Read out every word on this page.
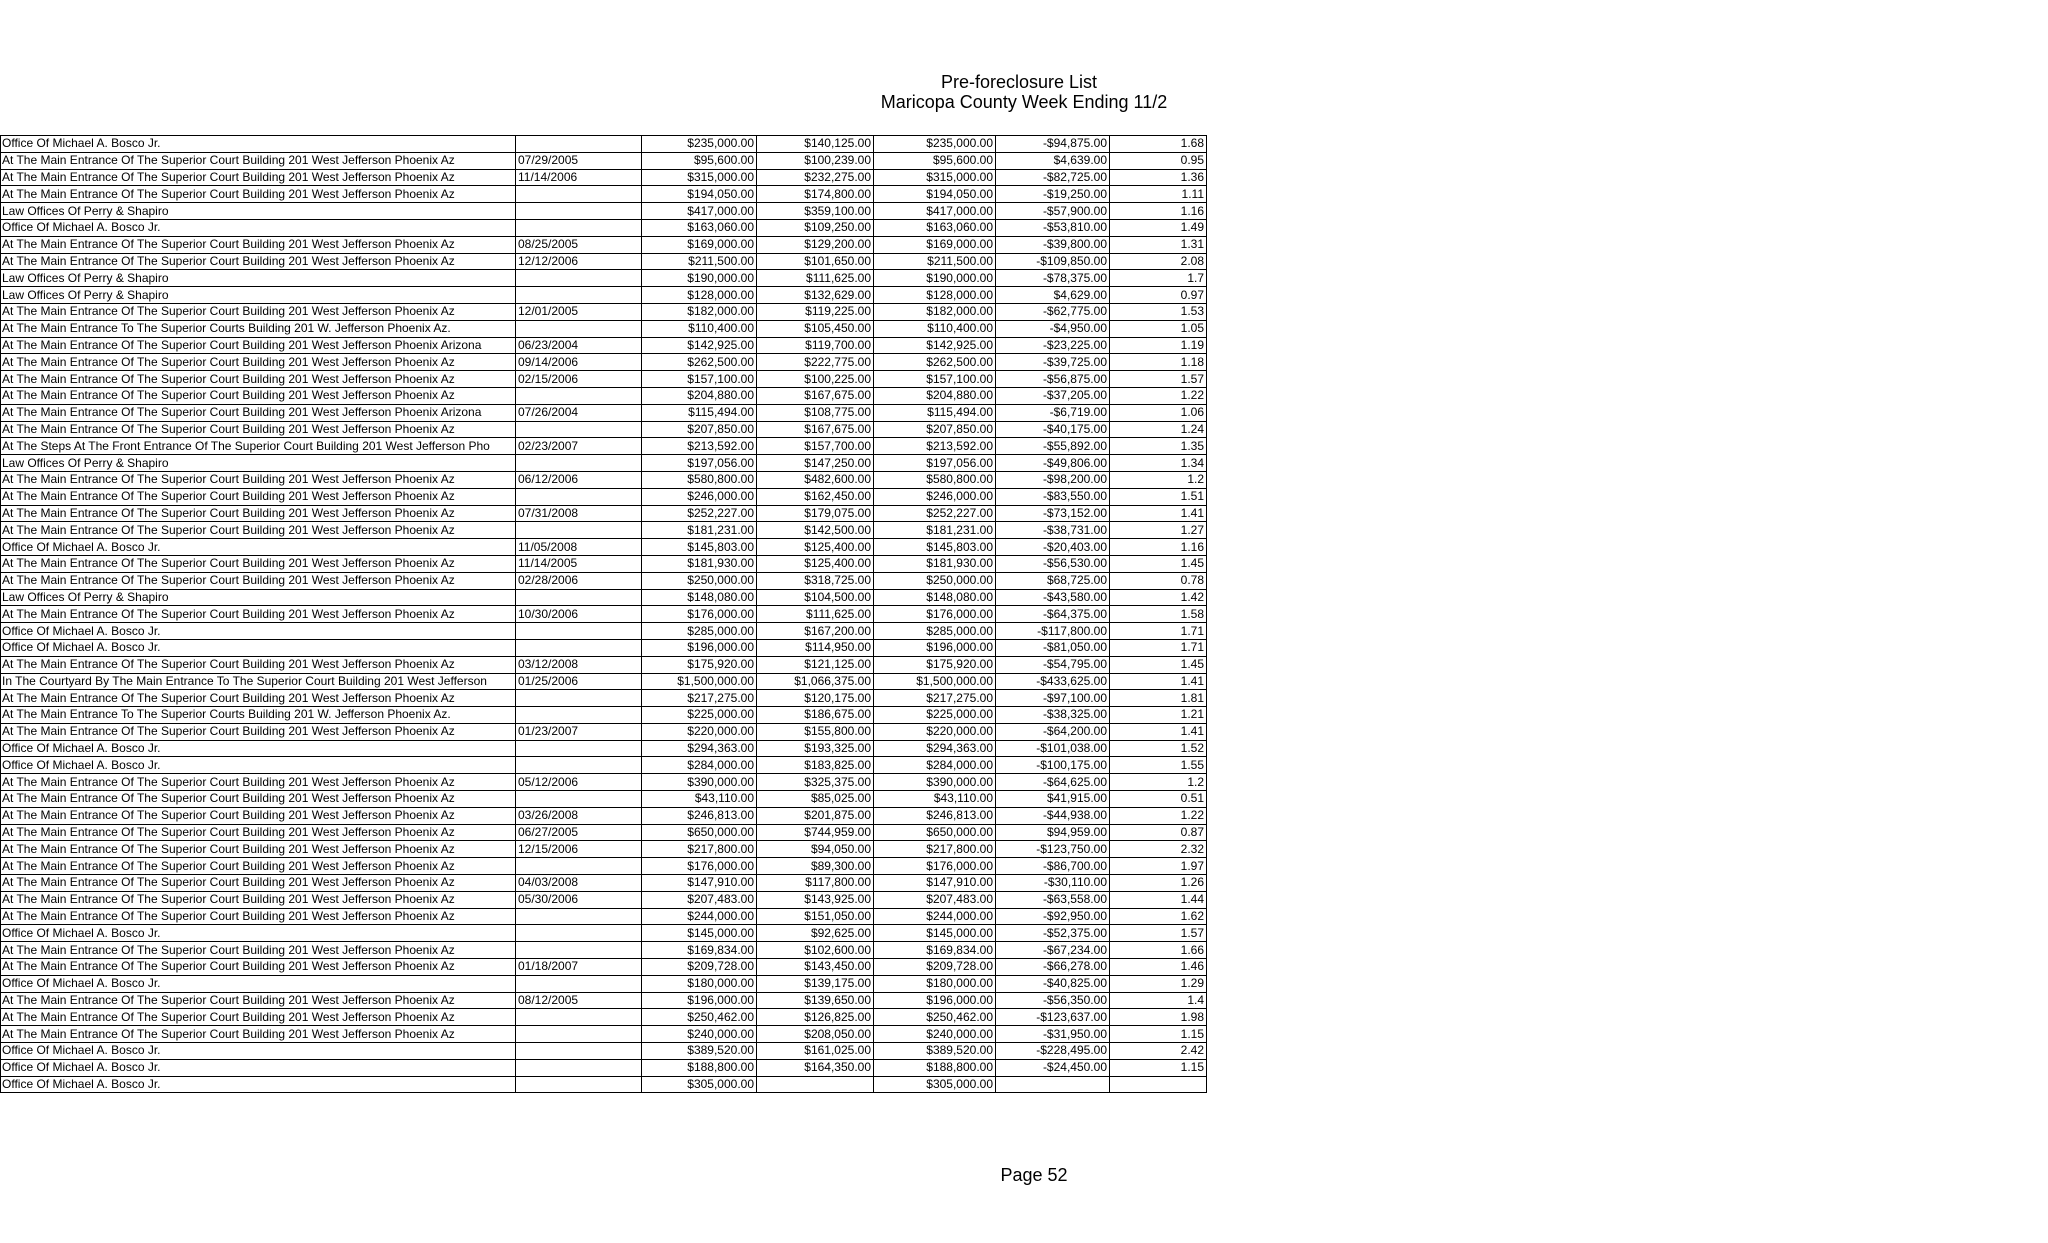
Pre-foreclosure List
Maricopa County Week Ending 11/2
Office Of Michael A. Bosco Jr.		$235,000.00	$140,125.00	$235,000.00	-$94,875.00	1.68
At The Main Entrance Of The Superior Court Building 201 West Jefferson Phoenix Az	07/29/2005	$95,600.00	$100,239.00	$95,600.00	$4,639.00	0.95
At The Main Entrance Of The Superior Court Building 201 West Jefferson Phoenix Az	11/14/2006	$315,000.00	$232,275.00	$315,000.00	-$82,725.00	1.36
At The Main Entrance Of The Superior Court Building 201 West Jefferson Phoenix Az		$194,050.00	$174,800.00	$194,050.00	-$19,250.00	1.11
Law Offices Of Perry & Shapiro		$417,000.00	$359,100.00	$417,000.00	-$57,900.00	1.16
Office Of Michael A. Bosco Jr.		$163,060.00	$109,250.00	$163,060.00	-$53,810.00	1.49
At The Main Entrance Of The Superior Court Building 201 West Jefferson Phoenix Az	08/25/2005	$169,000.00	$129,200.00	$169,000.00	-$39,800.00	1.31
At The Main Entrance Of The Superior Court Building 201 West Jefferson Phoenix Az	12/12/2006	$211,500.00	$101,650.00	$211,500.00	-$109,850.00	2.08
Law Offices Of Perry & Shapiro		$190,000.00	$111,625.00	$190,000.00	-$78,375.00	1.7
Law Offices Of Perry & Shapiro		$128,000.00	$132,629.00	$128,000.00	$4,629.00	0.97
At The Main Entrance Of The Superior Court Building 201 West Jefferson Phoenix Az	12/01/2005	$182,000.00	$119,225.00	$182,000.00	-$62,775.00	1.53
At The Main Entrance To The Superior Courts Building 201 W. Jefferson Phoenix Az.		$110,400.00	$105,450.00	$110,400.00	-$4,950.00	1.05
At The Main Entrance Of The Superior Court Building 201 West Jefferson Phoenix Arizona	06/23/2004	$142,925.00	$119,700.00	$142,925.00	-$23,225.00	1.19
At The Main Entrance Of The Superior Court Building 201 West Jefferson Phoenix Az	09/14/2006	$262,500.00	$222,775.00	$262,500.00	-$39,725.00	1.18
At The Main Entrance Of The Superior Court Building 201 West Jefferson Phoenix Az	02/15/2006	$157,100.00	$100,225.00	$157,100.00	-$56,875.00	1.57
At The Main Entrance Of The Superior Court Building 201 West Jefferson Phoenix Az		$204,880.00	$167,675.00	$204,880.00	-$37,205.00	1.22
At The Main Entrance Of The Superior Court Building 201 West Jefferson Phoenix Arizona	07/26/2004	$115,494.00	$108,775.00	$115,494.00	-$6,719.00	1.06
At The Main Entrance Of The Superior Court Building 201 West Jefferson Phoenix Az		$207,850.00	$167,675.00	$207,850.00	-$40,175.00	1.24
At The Steps At The Front Entrance Of The Superior Court Building 201 West Jefferson Pho	02/23/2007	$213,592.00	$157,700.00	$213,592.00	-$55,892.00	1.35
Law Offices Of Perry & Shapiro		$197,056.00	$147,250.00	$197,056.00	-$49,806.00	1.34
At The Main Entrance Of The Superior Court Building 201 West Jefferson Phoenix Az	06/12/2006	$580,800.00	$482,600.00	$580,800.00	-$98,200.00	1.2
At The Main Entrance Of The Superior Court Building 201 West Jefferson Phoenix Az		$246,000.00	$162,450.00	$246,000.00	-$83,550.00	1.51
At The Main Entrance Of The Superior Court Building 201 West Jefferson Phoenix Az	07/31/2008	$252,227.00	$179,075.00	$252,227.00	-$73,152.00	1.41
At The Main Entrance Of The Superior Court Building 201 West Jefferson Phoenix Az		$181,231.00	$142,500.00	$181,231.00	-$38,731.00	1.27
Office Of Michael A. Bosco Jr.	11/05/2008	$145,803.00	$125,400.00	$145,803.00	-$20,403.00	1.16
At The Main Entrance Of The Superior Court Building 201 West Jefferson Phoenix Az	11/14/2005	$181,930.00	$125,400.00	$181,930.00	-$56,530.00	1.45
At The Main Entrance Of The Superior Court Building 201 West Jefferson Phoenix Az	02/28/2006	$250,000.00	$318,725.00	$250,000.00	$68,725.00	0.78
Law Offices Of Perry & Shapiro		$148,080.00	$104,500.00	$148,080.00	-$43,580.00	1.42
At The Main Entrance Of The Superior Court Building 201 West Jefferson Phoenix Az	10/30/2006	$176,000.00	$111,625.00	$176,000.00	-$64,375.00	1.58
Office Of Michael A. Bosco Jr.		$285,000.00	$167,200.00	$285,000.00	-$117,800.00	1.71
Office Of Michael A. Bosco Jr.		$196,000.00	$114,950.00	$196,000.00	-$81,050.00	1.71
At The Main Entrance Of The Superior Court Building 201 West Jefferson Phoenix Az	03/12/2008	$175,920.00	$121,125.00	$175,920.00	-$54,795.00	1.45
In The Courtyard By The Main Entrance To The Superior Court Building 201 West Jefferson	01/25/2006	$1,500,000.00	$1,066,375.00	$1,500,000.00	-$433,625.00	1.41
At The Main Entrance Of The Superior Court Building 201 West Jefferson Phoenix Az		$217,275.00	$120,175.00	$217,275.00	-$97,100.00	1.81
At The Main Entrance To The Superior Courts Building 201 W. Jefferson Phoenix Az.		$225,000.00	$186,675.00	$225,000.00	-$38,325.00	1.21
At The Main Entrance Of The Superior Court Building 201 West Jefferson Phoenix Az	01/23/2007	$220,000.00	$155,800.00	$220,000.00	-$64,200.00	1.41
Office Of Michael A. Bosco Jr.		$294,363.00	$193,325.00	$294,363.00	-$101,038.00	1.52
Office Of Michael A. Bosco Jr.		$284,000.00	$183,825.00	$284,000.00	-$100,175.00	1.55
At The Main Entrance Of The Superior Court Building 201 West Jefferson Phoenix Az	05/12/2006	$390,000.00	$325,375.00	$390,000.00	-$64,625.00	1.2
At The Main Entrance Of The Superior Court Building 201 West Jefferson Phoenix Az		$43,110.00	$85,025.00	$43,110.00	$41,915.00	0.51
At The Main Entrance Of The Superior Court Building 201 West Jefferson Phoenix Az	03/26/2008	$246,813.00	$201,875.00	$246,813.00	-$44,938.00	1.22
At The Main Entrance Of The Superior Court Building 201 West Jefferson Phoenix Az	06/27/2005	$650,000.00	$744,959.00	$650,000.00	$94,959.00	0.87
At The Main Entrance Of The Superior Court Building 201 West Jefferson Phoenix Az	12/15/2006	$217,800.00	$94,050.00	$217,800.00	-$123,750.00	2.32
At The Main Entrance Of The Superior Court Building 201 West Jefferson Phoenix Az		$176,000.00	$89,300.00	$176,000.00	-$86,700.00	1.97
At The Main Entrance Of The Superior Court Building 201 West Jefferson Phoenix Az	04/03/2008	$147,910.00	$117,800.00	$147,910.00	-$30,110.00	1.26
At The Main Entrance Of The Superior Court Building 201 West Jefferson Phoenix Az	05/30/2006	$207,483.00	$143,925.00	$207,483.00	-$63,558.00	1.44
At The Main Entrance Of The Superior Court Building 201 West Jefferson Phoenix Az		$244,000.00	$151,050.00	$244,000.00	-$92,950.00	1.62
Office Of Michael A. Bosco Jr.		$145,000.00	$92,625.00	$145,000.00	-$52,375.00	1.57
At The Main Entrance Of The Superior Court Building 201 West Jefferson Phoenix Az		$169,834.00	$102,600.00	$169,834.00	-$67,234.00	1.66
At The Main Entrance Of The Superior Court Building 201 West Jefferson Phoenix Az	01/18/2007	$209,728.00	$143,450.00	$209,728.00	-$66,278.00	1.46
Office Of Michael A. Bosco Jr.		$180,000.00	$139,175.00	$180,000.00	-$40,825.00	1.29
At The Main Entrance Of The Superior Court Building 201 West Jefferson Phoenix Az	08/12/2005	$196,000.00	$139,650.00	$196,000.00	-$56,350.00	1.4
At The Main Entrance Of The Superior Court Building 201 West Jefferson Phoenix Az		$250,462.00	$126,825.00	$250,462.00	-$123,637.00	1.98
At The Main Entrance Of The Superior Court Building 201 West Jefferson Phoenix Az		$240,000.00	$208,050.00	$240,000.00	-$31,950.00	1.15
Office Of Michael A. Bosco Jr.		$389,520.00	$161,025.00	$389,520.00	-$228,495.00	2.42
Office Of Michael A. Bosco Jr.		$188,800.00	$164,350.00	$188,800.00	-$24,450.00	1.15
Office Of Michael A. Bosco Jr.		$305,000.00		$305,000.00		
Page 52
